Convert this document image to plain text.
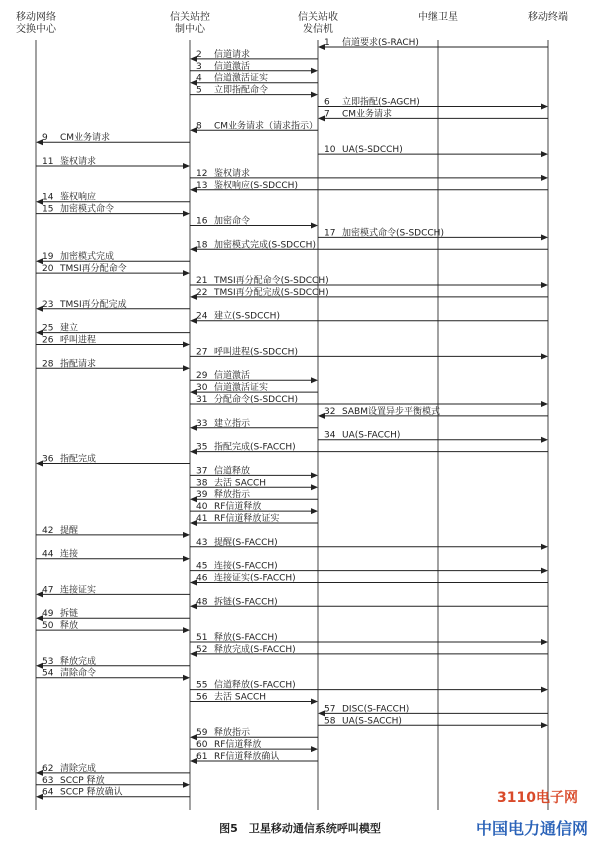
移动网络
交换中心
信关站控
制中心
信关站收
发信机
中继卫星	移动终端
1 信道要求(S-RACH)
2 信道请求
3 信道激活
4 信道激活证实
5 立即指配命令
6 立即指配(S-AGCH)
7 CM业务请求
8 CM业务请求（请求指示）
9 CM业务请求
10 UA(S-SDCCH)
11 鉴权请求
12 鉴权请求
13 鉴权响应(S-SDCCH)
14 鉴权响应
15 加密模式命令
16 加密命令
17 加密模式命令(S-SDCCH)
18 加密模式完成(S-SDCCH)
19 加密模式完成
20 TMSI再分配命令
21 TMSI再分配命令(S-SDCCH)
22 TMSI再分配完成(S-SDCCH)
23 TMSI再分配完成
24 建立(S-SDCCH)
25 建立
26 呼叫进程
27 呼叫进程(S-SDCCH)
28 指配请求
29 信道激活
30 信道激活证实
31 分配命令(S-SDCCH)
32 SABM设置异步平衡模式
33 建立指示
34 UA(S-FACCH)
35 指配完成(S-FACCH)
36 指配完成
37 信道释放
38 去活 SACCH
39 释放指示
40 RF信道释放
41 RF信道释放证实
42 提醒
43 提醒(S-FACCH)
44 连接
45 连接(S-FACCH)
46 连接证实(S-FACCH)
47 连接证实
48 拆链(S-FACCH)
49 拆链
50 释放
51 释放(S-FACCH)
52 释放完成(S-FACCH)
53 释放完成
54 清除命令
55 信道释放(S-FACCH)
56 去活 SACCH
57 DISC(S-FACCH)
58 UA(S-SACCH)
59 释放指示
60 RF信道释放
61 RF信道释放确认
62 清除完成
63 SCCP 释放
64 SCCP 释放确认
图5　卫星移动通信系统呼叫模型
3110电子网
中国电力通信网
